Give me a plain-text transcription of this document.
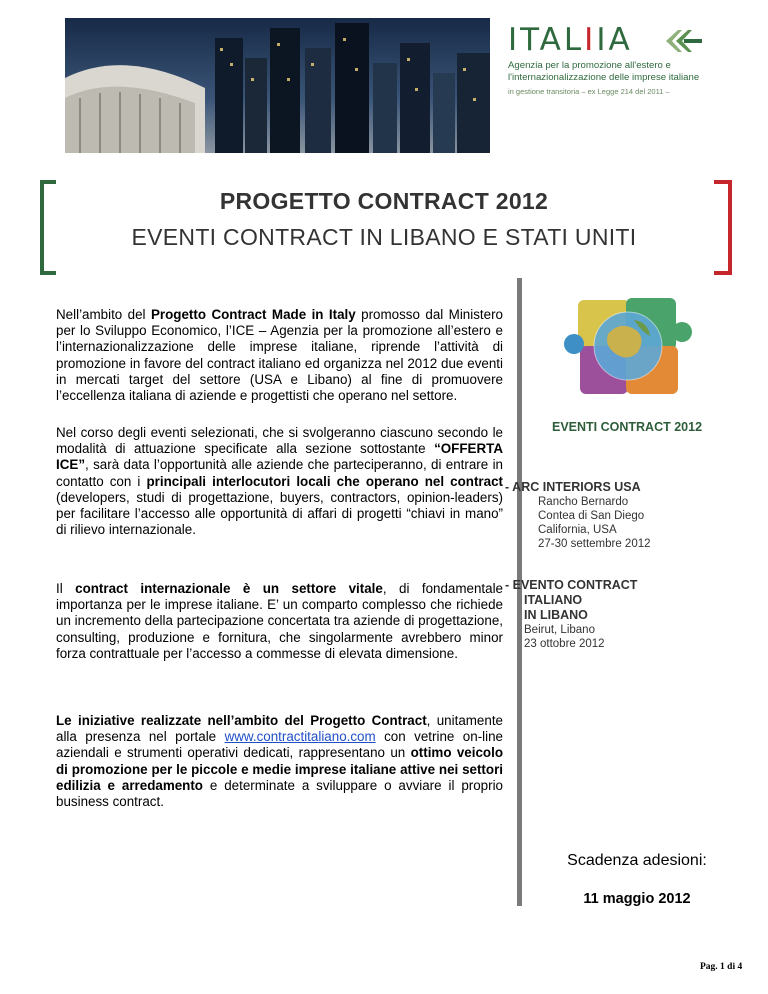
ITALIIA
Agenzia per la promozione all'estero e
l'internazionalizzazione delle imprese italiane
in gestione transitoria – ex Legge 214 del 2011 –
PROGETTO CONTRACT 2012
EVENTI CONTRACT IN LIBANO E STATI UNITI
Nell’ambito del Progetto Contract Made in Italy promosso dal Ministero per lo Sviluppo Economico, l’ICE – Agenzia per la promozione all’estero e l’internazionalizzazione delle imprese italiane, riprende l’attività di promozione in favore del contract italiano ed organizza nel 2012 due eventi in mercati target del settore (USA e Libano) al fine di promuovere l’eccellenza italiana di aziende e progettisti che operano nel settore.
Nel corso degli eventi selezionati, che si svolgeranno ciascuno secondo le modalità di attuazione specificate alla sezione sottostante “OFFERTA ICE”, sarà data l’opportunità alle aziende che parteciperanno, di entrare in contatto con i principali interlocutori locali che operano nel contract (developers, studi di progettazione, buyers, contractors, opinion-leaders) per facilitare l’accesso alle opportunità di affari di progetti “chiavi in mano” di rilievo internazionale.
Il contract internazionale è un settore vitale, di fondamentale importanza per le imprese italiane. E’ un comparto complesso che richiede un incremento della partecipazione concertata tra aziende di progettazione, consulting, produzione e fornitura, che singolarmente avrebbero minor forza contrattuale per l’accesso a commesse di elevata dimensione.
Le iniziative realizzate nell’ambito del Progetto Contract, unitamente alla presenza nel portale www.contractitaliano.com con vetrine on-line aziendali e strumenti operativi dedicati, rappresentano un ottimo veicolo di promozione per le piccole e medie imprese italiane attive nei settori edilizia e arredamento e determinate a sviluppare o avviare il proprio business contract.
EVENTI CONTRACT 2012
- ARC INTERIORS USA
Rancho Bernardo
Contea di San Diego
California, USA
27-30 settembre 2012
- EVENTO CONTRACT
ITALIANO
IN LIBANO
Beirut, Libano
23 ottobre 2012
Scadenza adesioni:
11 maggio 2012
Pag. 1 di 4
